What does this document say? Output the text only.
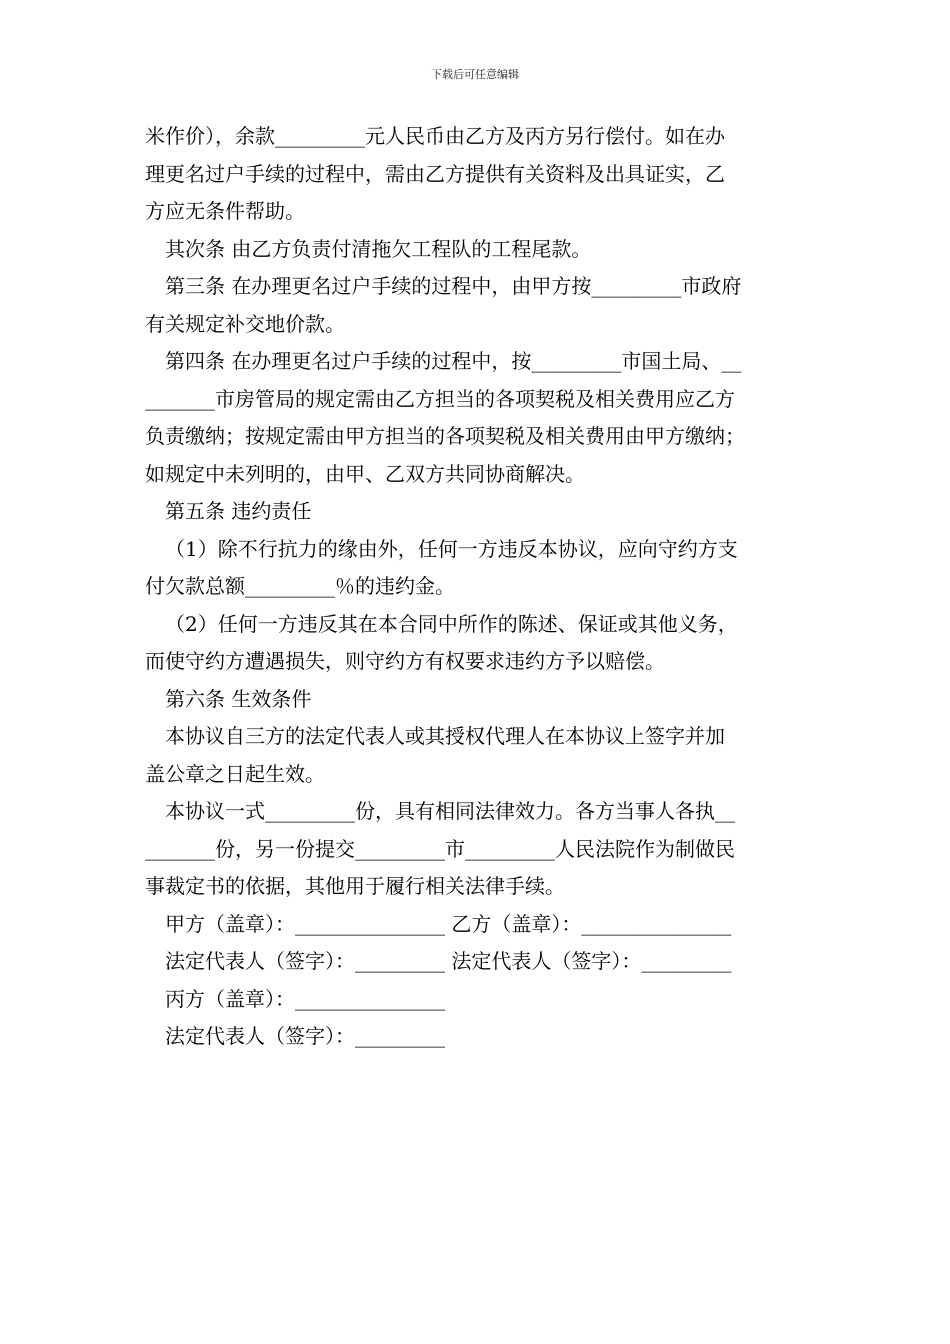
下载后可任意编辑
米作价），余款_________元人民币由乙方及丙方另行偿付。如在办
理更名过户手续的过程中，需由乙方提供有关资料及出具证实，乙
方应无条件帮助。
其次条 由乙方负责付清拖欠工程队的工程尾款。
第三条 在办理更名过户手续的过程中，由甲方按_________市政府
有关规定补交地价款。
第四条 在办理更名过户手续的过程中，按_________市国土局、__
_______市房管局的规定需由乙方担当的各项契税及相关费用应乙方
负责缴纳；按规定需由甲方担当的各项契税及相关费用由甲方缴纳；
如规定中未列明的，由甲、乙双方共同协商解决。
第五条 违约责任
（1）除不行抗力的缘由外，任何一方违反本协议，应向守约方支
付欠款总额_________％的违约金。
（2）任何一方违反其在本合同中所作的陈述、保证或其他义务，
而使守约方遭遇损失，则守约方有权要求违约方予以赔偿。
第六条 生效条件
本协议自三方的法定代表人或其授权代理人在本协议上签字并加
盖公章之日起生效。
本协议一式_________份，具有相同法律效力。各方当事人各执__
_______份，另一份提交_________市_________人民法院作为制做民
事裁定书的依据，其他用于履行相关法律手续。
甲方（盖章）：_______________ 乙方（盖章）：_______________
法定代表人（签字）：_________ 法定代表人（签字）：_________
丙方（盖章）：_______________
法定代表人（签字）：_________
